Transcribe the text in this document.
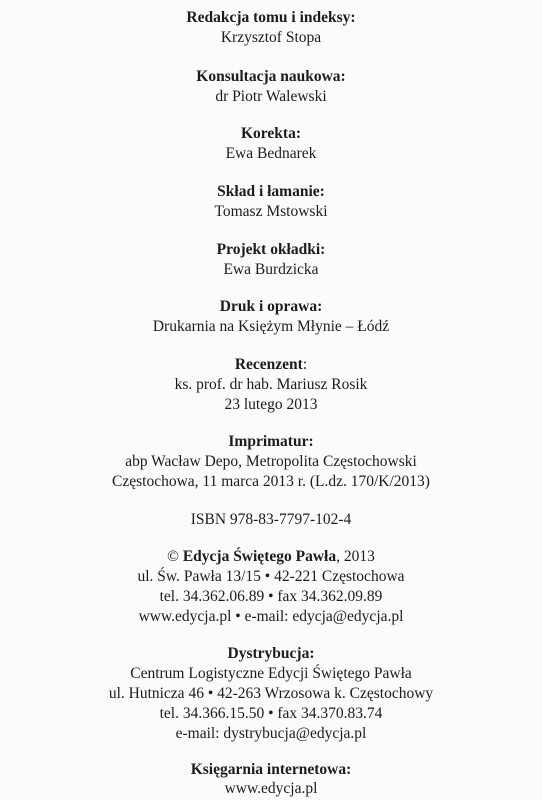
Redakcja tomu i indeksy:
Krzysztof Stopa
Konsultacja naukowa:
dr Piotr Walewski
Korekta:
Ewa Bednarek
Skład i łamanie:
Tomasz Mstowski
Projekt okładki:
Ewa Burdzicka
Druk i oprawa:
Drukarnia na Księżym Młynie – Łódź
Recenzent:
ks. prof. dr hab. Mariusz Rosik
23 lutego 2013
Imprimatur:
abp Wacław Depo, Metropolita Częstochowski
Częstochowa, 11 marca 2013 r. (L.dz. 170/K/2013)
ISBN 978-83-7797-102-4
© Edycja Świętego Pawła, 2013
ul. Św. Pawła 13/15 • 42-221 Częstochowa
tel. 34.362.06.89 • fax 34.362.09.89
www.edycja.pl • e-mail: edycja@edycja.pl
Dystrybucja:
Centrum Logistyczne Edycji Świętego Pawła
ul. Hutnicza 46 • 42-263 Wrzosowa k. Częstochowy
tel. 34.366.15.50 • fax 34.370.83.74
e-mail: dystrybucja@edycja.pl
Księgarnia internetowa:
www.edycja.pl
